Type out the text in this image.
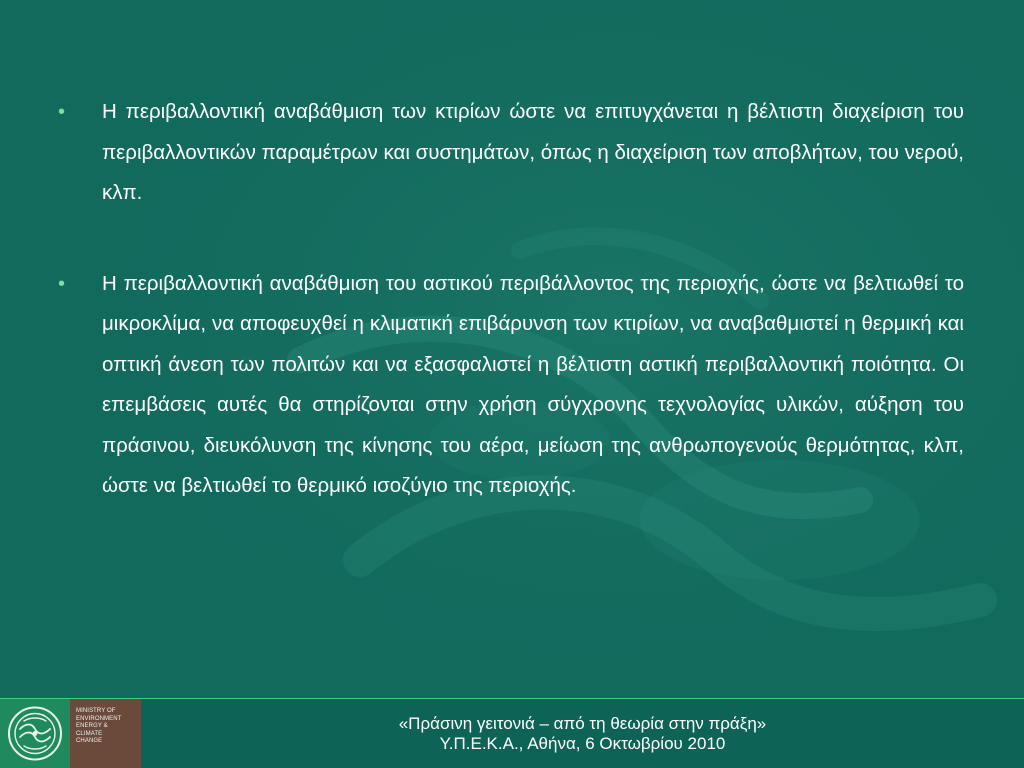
•	Η περιβαλλοντική αναβάθμιση των κτιρίων ώστε να επιτυγχάνεται η βέλτιστη διαχείριση του περιβαλλοντικών παραμέτρων και συστημάτων, όπως η διαχείριση των αποβλήτων, του νερού, κλπ.
•	Η περιβαλλοντική αναβάθμιση του αστικού περιβάλλοντος της περιοχής, ώστε να βελτιωθεί το μικροκλίμα, να αποφευχθεί η κλιματική επιβάρυνση των κτιρίων, να αναβαθμιστεί η θερμική και οπτική άνεση των πολιτών και να εξασφαλιστεί η βέλτιστη αστική περιβαλλοντική ποιότητα. Οι επεμβάσεις αυτές θα στηρίζονται στην χρήση σύγχρονης τεχνολογίας υλικών, αύξηση του πράσινου, διευκόλυνση της κίνησης του αέρα, μείωση της ανθρωπογενούς θερμότητας, κλπ, ώστε να βελτιωθεί το θερμικό ισοζύγιο της περιοχής.
MINISTRY OF
ENVIRONMENT
ENERGY &
CLIMATE
CHANGE
«Πράσινη γειτονιά – από τη θεωρία στην πράξη»
Υ.Π.Ε.Κ.Α., Αθήνα, 6 Οκτωβρίου 2010
